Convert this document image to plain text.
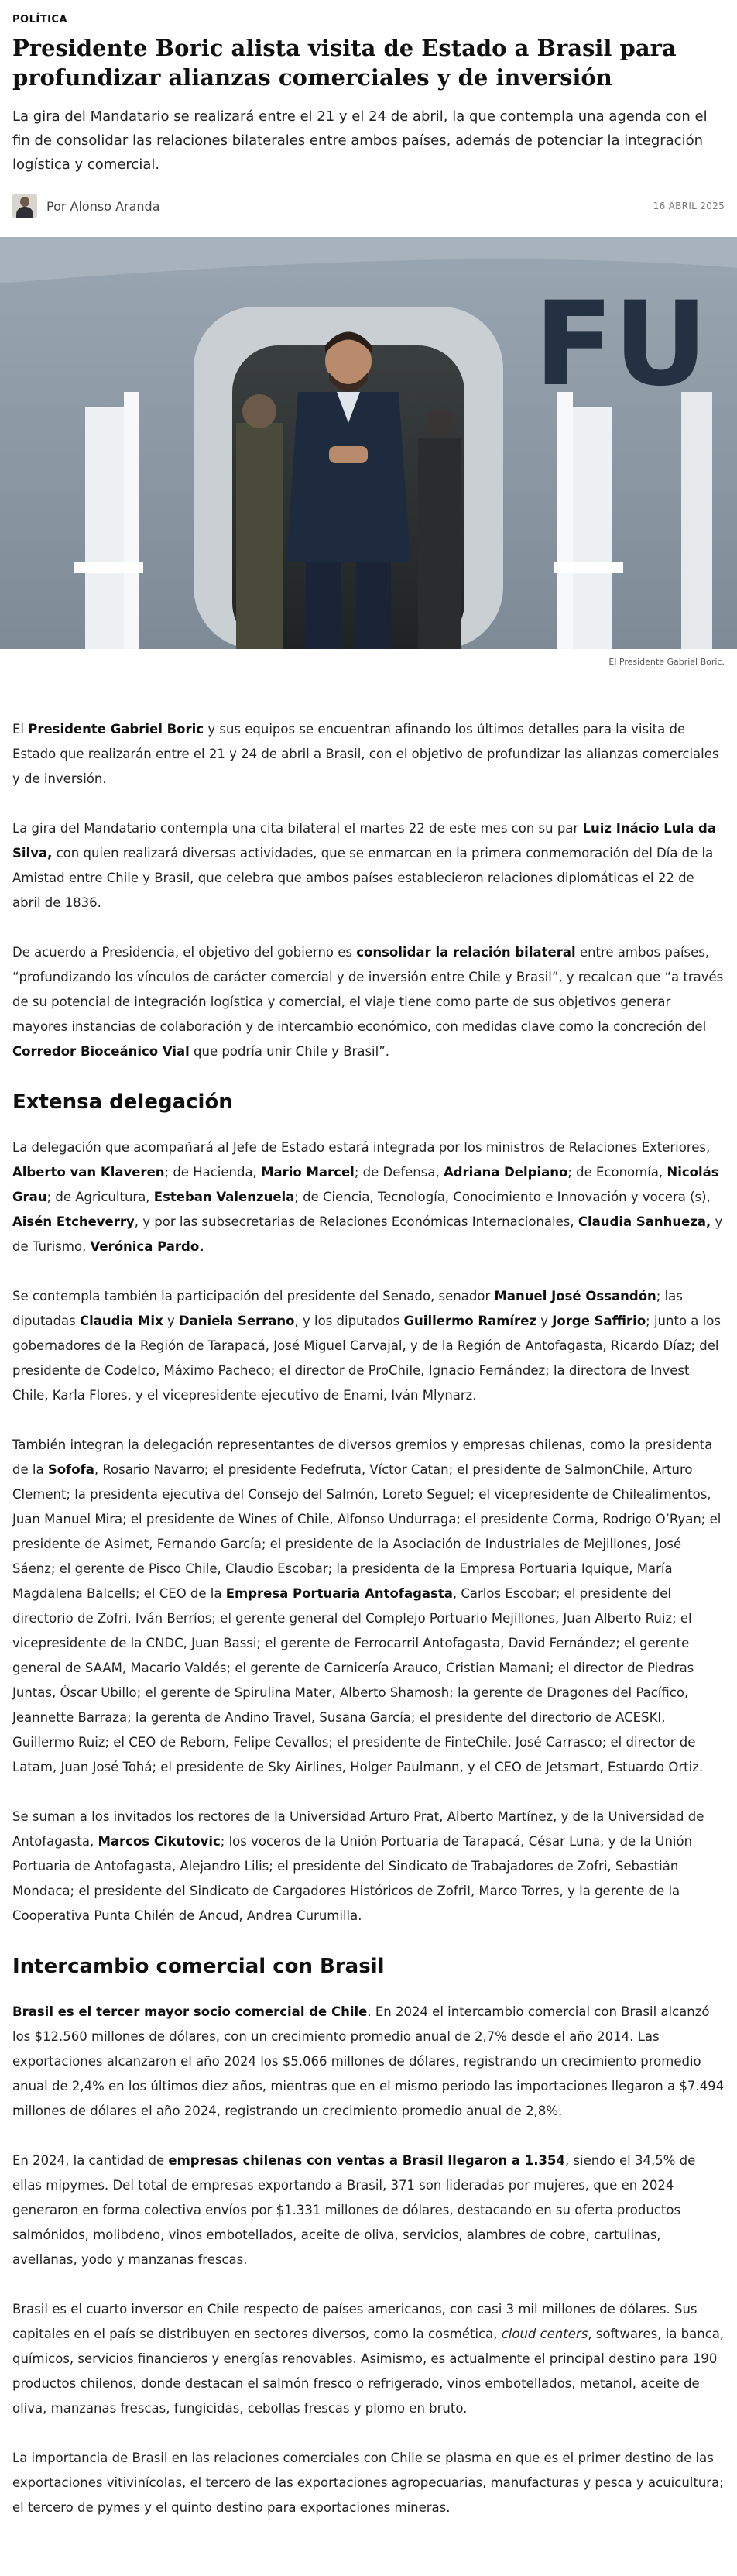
POLÍTICA
Presidente Boric alista visita de Estado a Brasil para profundizar alianzas comerciales y de inversión

La gira del Mandatario se realizará entre el 21 y el 24 de abril, la que contempla una agenda con el fin de consolidar las relaciones bilaterales entre ambos países, además de potenciar la integración logística y comercial.

Por Alonso Aranda	16 ABRIL 2025
FU
El Presidente Gabriel Boric.

El Presidente Gabriel Boric y sus equipos se encuentran afinando los últimos detalles para la visita de Estado que realizarán entre el 21 y 24 de abril a Brasil, con el objetivo de profundizar las alianzas comerciales y de inversión.

La gira del Mandatario contempla una cita bilateral el martes 22 de este mes con su par Luiz Inácio Lula da Silva, con quien realizará diversas actividades, que se enmarcan en la primera conmemoración del Día de la Amistad entre Chile y Brasil, que celebra que ambos países establecieron relaciones diplomáticas el 22 de abril de 1836.

De acuerdo a Presidencia, el objetivo del gobierno es consolidar la relación bilateral entre ambos países, “profundizando los vínculos de carácter comercial y de inversión entre Chile y Brasil”, y recalcan que “a través de su potencial de integración logística y comercial, el viaje tiene como parte de sus objetivos generar mayores instancias de colaboración y de intercambio económico, con medidas clave como la concreción del Corredor Bioceánico Vial que podría unir Chile y Brasil”.

Extensa delegación

La delegación que acompañará al Jefe de Estado estará integrada por los ministros de Relaciones Exteriores, Alberto van Klaveren; de Hacienda, Mario Marcel; de Defensa, Adriana Delpiano; de Economía, Nicolás Grau; de Agricultura, Esteban Valenzuela; de Ciencia, Tecnología, Conocimiento e Innovación y vocera (s), Aisén Etcheverry, y por las subsecretarias de Relaciones Económicas Internacionales, Claudia Sanhueza, y de Turismo, Verónica Pardo.

Se contempla también la participación del presidente del Senado, senador Manuel José Ossandón; las diputadas Claudia Mix y Daniela Serrano, y los diputados Guillermo Ramírez y Jorge Saffirio; junto a los gobernadores de la Región de Tarapacá, José Miguel Carvajal, y de la Región de Antofagasta, Ricardo Díaz; del presidente de Codelco, Máximo Pacheco; el director de ProChile, Ignacio Fernández; la directora de Invest Chile, Karla Flores, y el vicepresidente ejecutivo de Enami, Iván Mlynarz.

También integran la delegación representantes de diversos gremios y empresas chilenas, como la presidenta de la Sofofa, Rosario Navarro; el presidente Fedefruta, Víctor Catan; el presidente de SalmonChile, Arturo Clement; la presidenta ejecutiva del Consejo del Salmón, Loreto Seguel; el vicepresidente de Chilealimentos, Juan Manuel Mira; el presidente de Wines of Chile, Alfonso Undurraga; el presidente Corma, Rodrigo O’Ryan; el presidente de Asimet, Fernando García; el presidente de la Asociación de Industriales de Mejillones, José Sáenz; el gerente de Pisco Chile, Claudio Escobar; la presidenta de la Empresa Portuaria Iquique, María Magdalena Balcells; el CEO de la Empresa Portuaria Antofagasta, Carlos Escobar; el presidente del directorio de Zofri, Iván Berríos; el gerente general del Complejo Portuario Mejillones, Juan Alberto Ruiz; el vicepresidente de la CNDC, Juan Bassi; el gerente de Ferrocarril Antofagasta, David Fernández; el gerente general de SAAM, Macario Valdés; el gerente de Carnicería Arauco, Cristian Mamani; el director de Piedras Juntas, Óscar Ubillo; el gerente de Spirulina Mater, Alberto Shamosh; la gerente de Dragones del Pacífico, Jeannette Barraza; la gerenta de Andino Travel, Susana García; el presidente del directorio de ACESKI, Guillermo Ruiz; el CEO de Reborn, Felipe Cevallos; el presidente de FinteChile, José Carrasco; el director de Latam, Juan José Tohá; el presidente de Sky Airlines, Holger Paulmann, y el CEO de Jetsmart, Estuardo Ortiz.

Se suman a los invitados los rectores de la Universidad Arturo Prat, Alberto Martínez, y de la Universidad de Antofagasta, Marcos Cikutovic; los voceros de la Unión Portuaria de Tarapacá, César Luna, y de la Unión Portuaria de Antofagasta, Alejandro Lilis; el presidente del Sindicato de Trabajadores de Zofri, Sebastián Mondaca; el presidente del Sindicato de Cargadores Históricos de ZofriI, Marco Torres, y la gerente de la Cooperativa Punta Chilén de Ancud, Andrea Curumilla.

Intercambio comercial con Brasil

Brasil es el tercer mayor socio comercial de Chile. En 2024 el intercambio comercial con Brasil alcanzó los $12.560 millones de dólares, con un crecimiento promedio anual de 2,7% desde el año 2014. Las exportaciones alcanzaron el año 2024 los $5.066 millones de dólares, registrando un crecimiento promedio anual de 2,4% en los últimos diez años, mientras que en el mismo periodo las importaciones llegaron a $7.494 millones de dólares el año 2024, registrando un crecimiento promedio anual de 2,8%.

En 2024, la cantidad de empresas chilenas con ventas a Brasil llegaron a 1.354, siendo el 34,5% de ellas mipymes. Del total de empresas exportando a Brasil, 371 son lideradas por mujeres, que en 2024 generaron en forma colectiva envíos por $1.331 millones de dólares, destacando en su oferta productos salmónidos, molibdeno, vinos embotellados, aceite de oliva, servicios, alambres de cobre, cartulinas, avellanas, yodo y manzanas frescas.

Brasil es el cuarto inversor en Chile respecto de países americanos, con casi 3 mil millones de dólares. Sus capitales en el país se distribuyen en sectores diversos, como la cosmética, cloud centers, softwares, la banca, químicos, servicios financieros y energías renovables. Asimismo, es actualmente el principal destino para 190 productos chilenos, donde destacan el salmón fresco o refrigerado, vinos embotellados, metanol, aceite de oliva, manzanas frescas, fungicidas, cebollas frescas y plomo en bruto.

La importancia de Brasil en las relaciones comerciales con Chile se plasma en que es el primer destino de las exportaciones vitivinícolas, el tercero de las exportaciones agropecuarias, manufacturas y pesca y acuicultura; el tercero de pymes y el quinto destino para exportaciones mineras.
